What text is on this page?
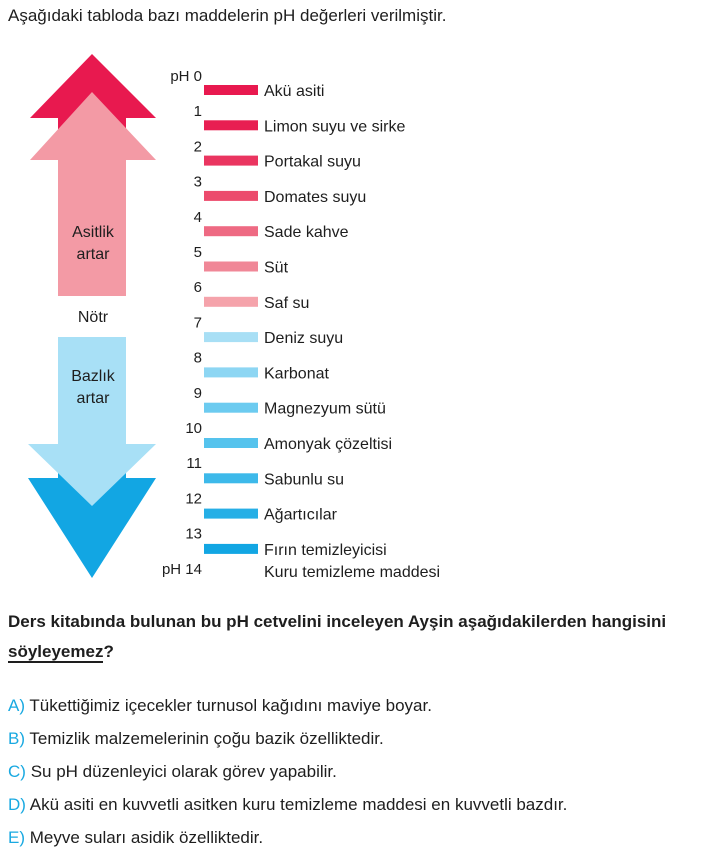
Aşağıdaki tabloda bazı maddelerin pH değerleri verilmiştir.
Asitlik
artar
Nötr
Bazlık
artar
pH 0
1
2
3
4
5
6
7
8
9
10
11
12
13
pH 14
Akü asiti
Limon suyu ve sirke
Portakal suyu
Domates suyu
Sade kahve
Süt
Saf su
Deniz suyu
Karbonat
Magnezyum sütü
Amonyak çözeltisi
Sabunlu su
Ağartıcılar
Fırın temizleyicisi
Kuru temizleme maddesi
Ders kitabında bulunan bu pH cetvelini inceleyen Ayşin aşağıdakilerden hangisini söyleyemez?
A) Tükettiğimiz içecekler turnusol kağıdını maviye boyar.
B) Temizlik malzemelerinin çoğu bazik özelliktedir.
C) Su pH düzenleyici olarak görev yapabilir.
D) Akü asiti en kuvvetli asitken kuru temizleme maddesi en kuvvetli bazdır.
E) Meyve suları asidik özelliktedir.
